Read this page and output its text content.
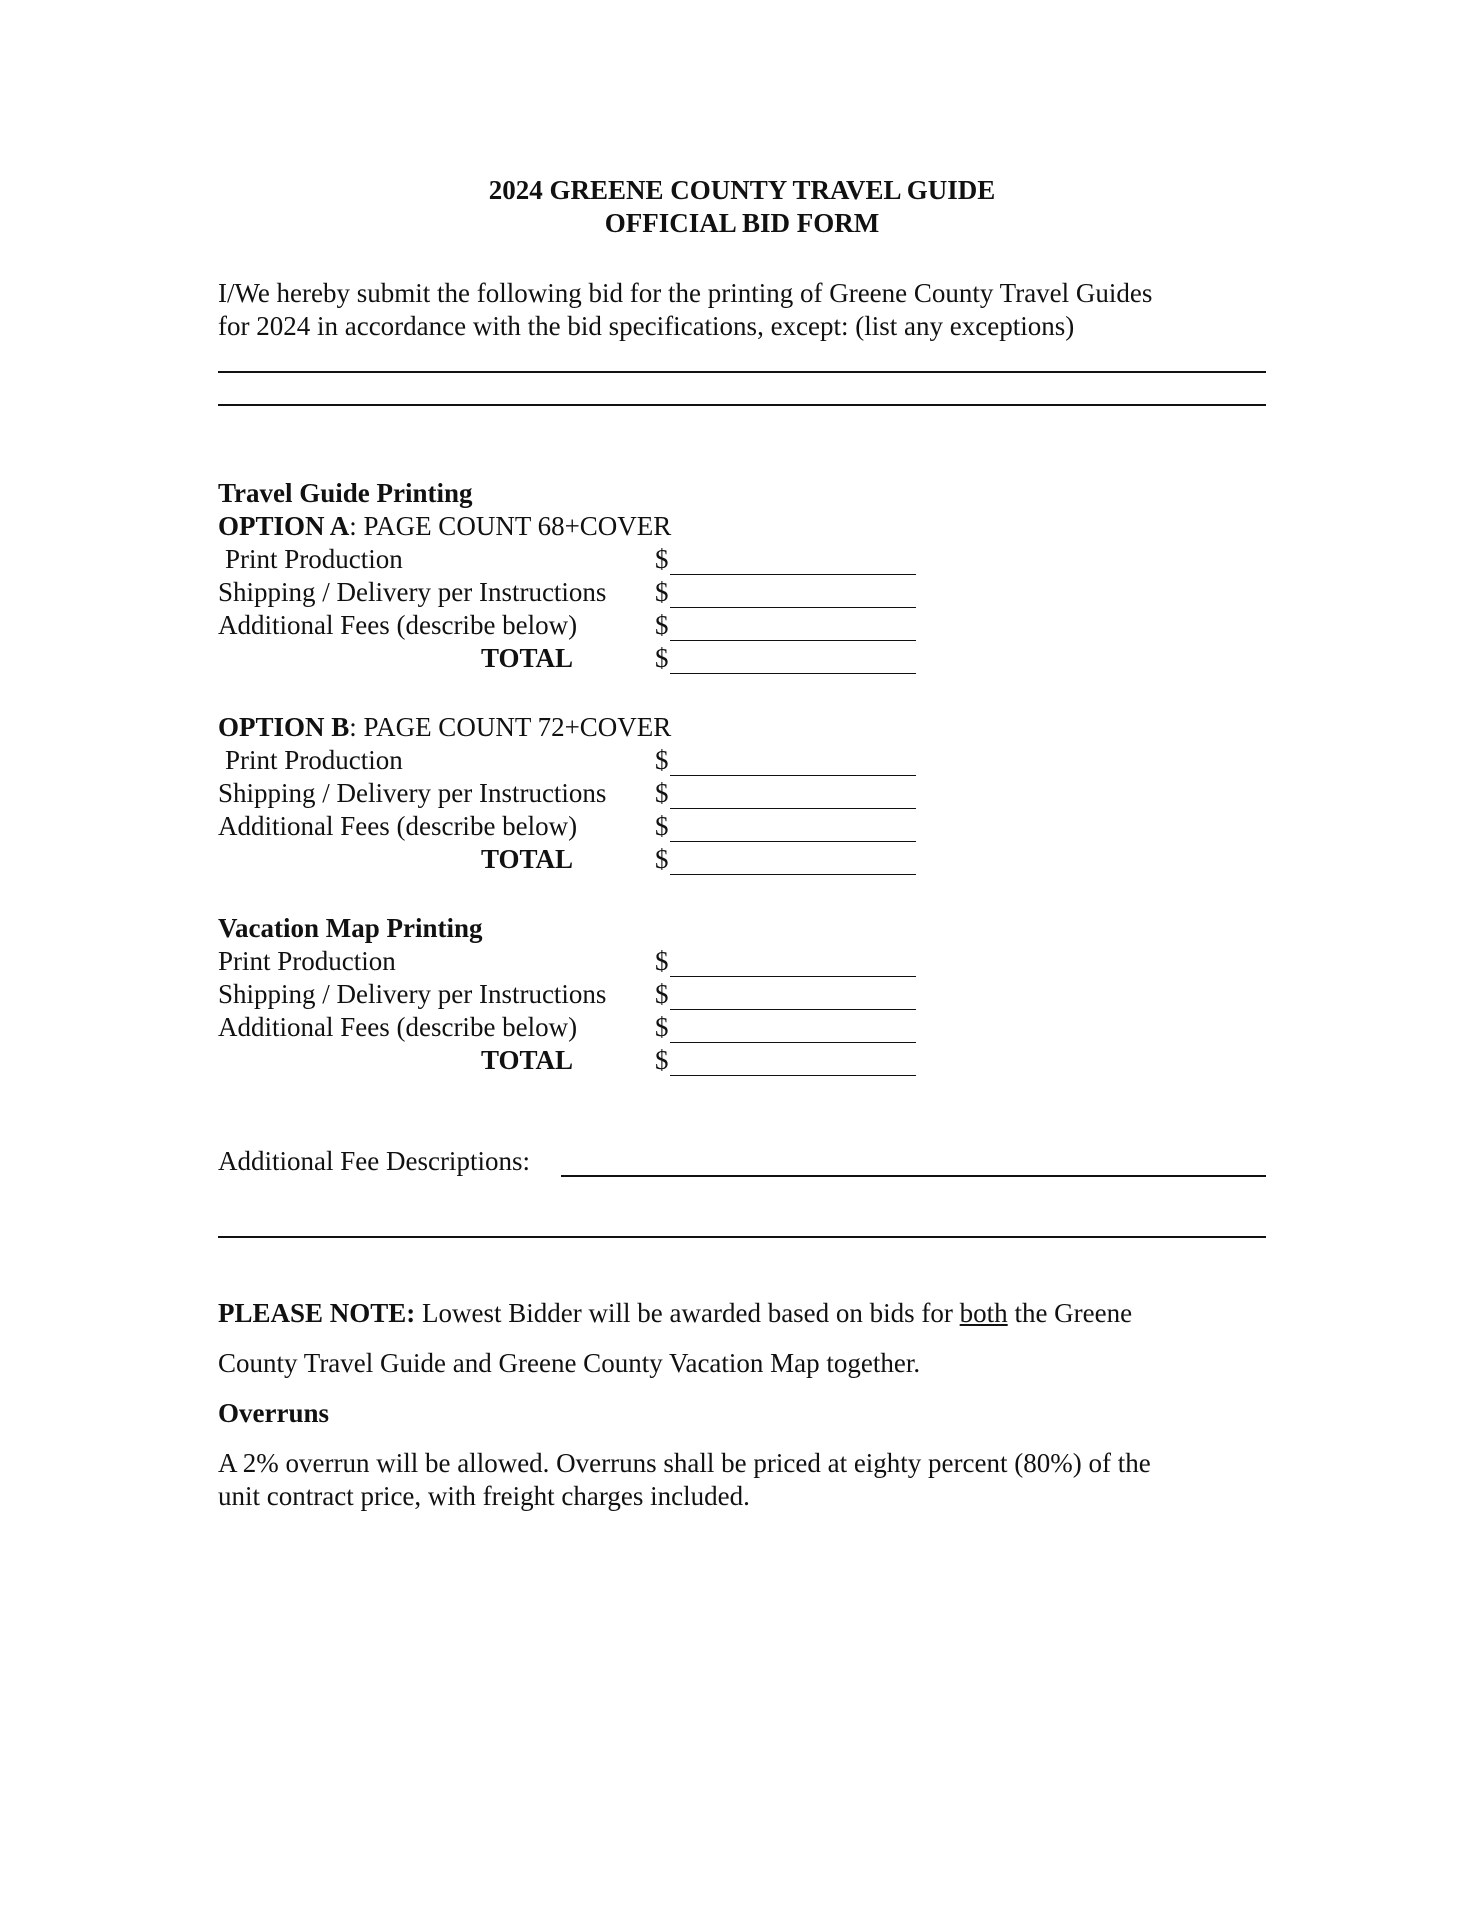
2024 GREENE COUNTY TRAVEL GUIDE
OFFICIAL BID FORM
I/We hereby submit the following bid for the printing of Greene County Travel Guides
for 2024 in accordance with the bid specifications, except: (list any exceptions)
Travel Guide Printing
OPTION A: PAGE COUNT 68+COVER
Print Production	$
Shipping / Delivery per Instructions $
Additional Fees (describe below)	$
TOTAL	$
OPTION B: PAGE COUNT 72+COVER
Print Production	$
Shipping / Delivery per Instructions $
Additional Fees (describe below)	$
TOTAL	$
Vacation Map Printing
Print Production	$
Shipping / Delivery per Instructions $
Additional Fees (describe below)	$
TOTAL	$
Additional Fee Descriptions:
PLEASE NOTE: Lowest Bidder will be awarded based on bids for both the Greene
County Travel Guide and Greene County Vacation Map together.
Overruns
A 2% overrun will be allowed. Overruns shall be priced at eighty percent (80%) of the
unit contract price, with freight charges included.
